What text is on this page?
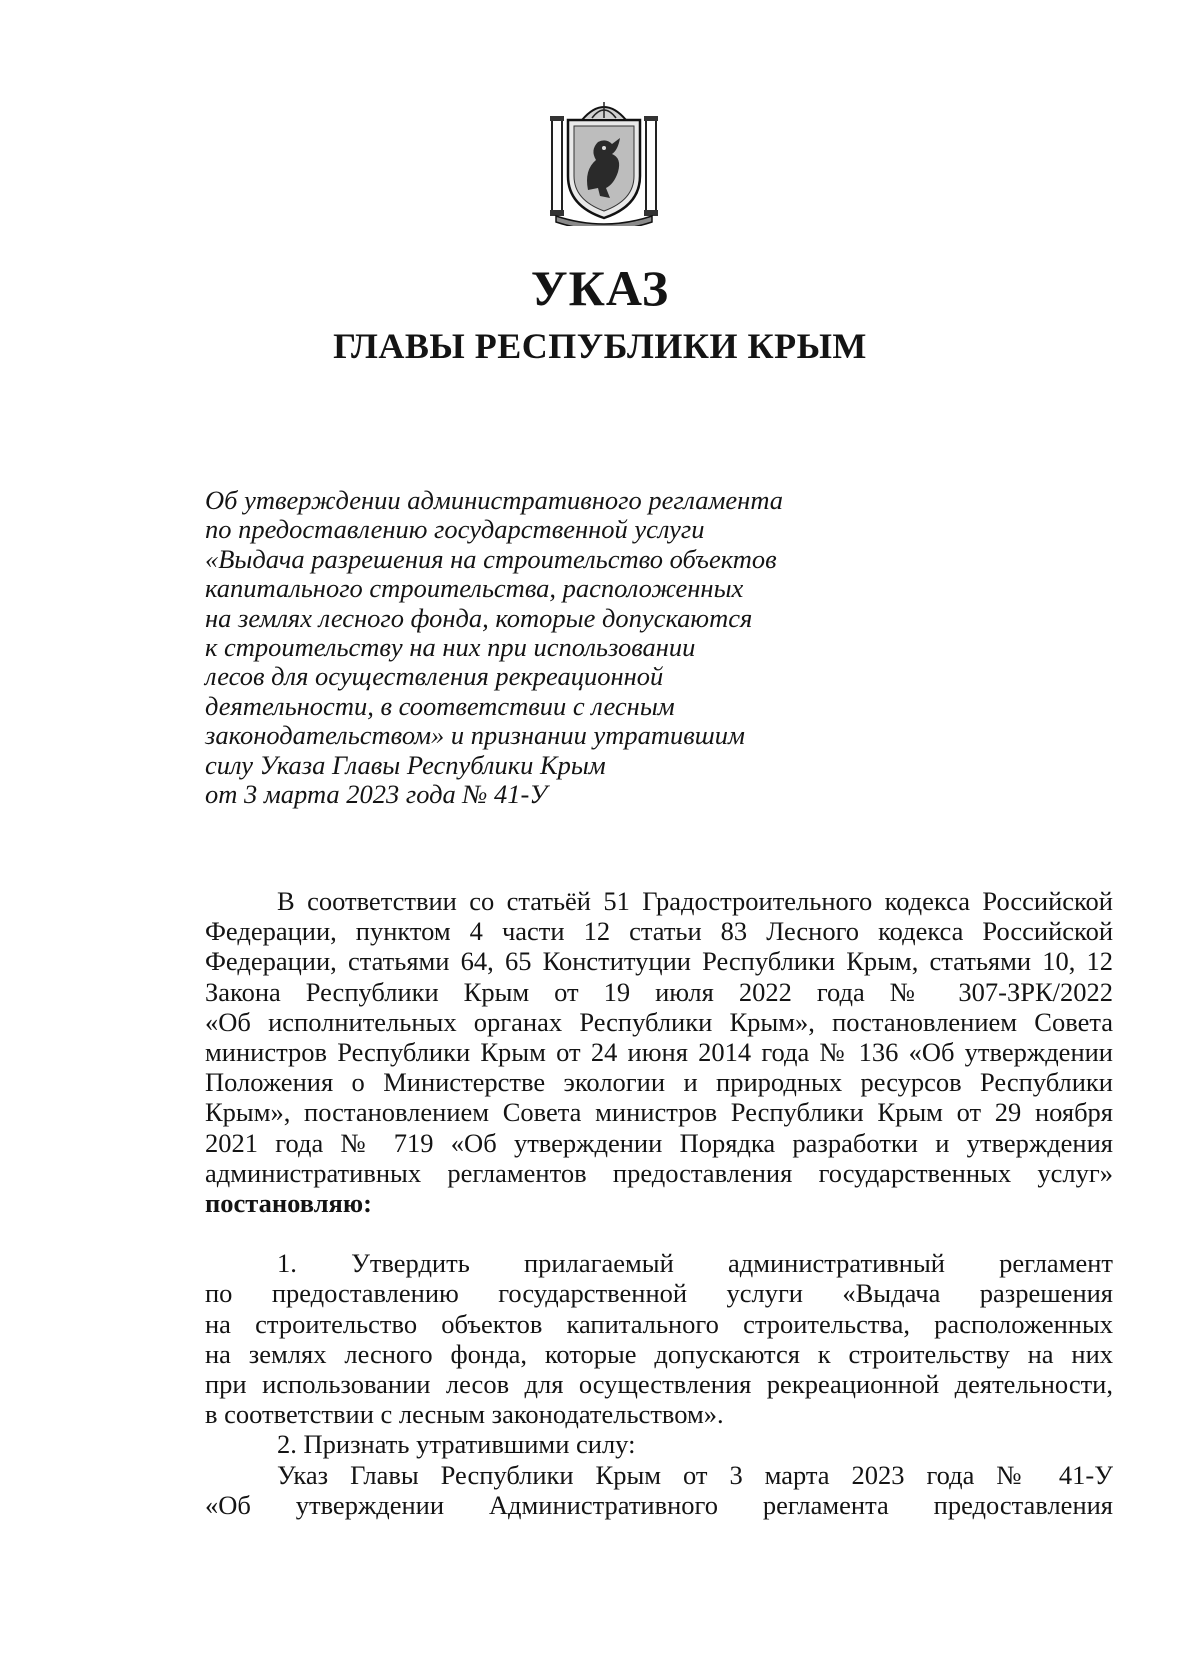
УКАЗ
ГЛАВЫ РЕСПУБЛИКИ КРЫМ
Об утверждении административного регламента
по предоставлению государственной услуги
«Выдача разрешения на строительство объектов
капитального строительства, расположенных
на землях лесного фонда, которые допускаются
к строительству на них при использовании
лесов для осуществления рекреационной
деятельности, в соответствии с лесным
законодательством» и признании утратившим
силу Указа Главы Республики Крым
от 3 марта 2023 года № 41-У
В соответствии со статьёй 51 Градостроительного кодекса Российской
Федерации, пунктом 4 части 12 статьи 83 Лесного кодекса Российской
Федерации, статьями 64, 65 Конституции Республики Крым, статьями 10, 12
Закона Республики Крым от 19 июля 2022 года № 307-ЗРК/2022
«Об исполнительных органах Республики Крым», постановлением Совета
министров Республики Крым от 24 июня 2014 года № 136 «Об утверждении
Положения о Министерстве экологии и природных ресурсов Республики
Крым», постановлением Совета министров Республики Крым от 29 ноября
2021 года № 719 «Об утверждении Порядка разработки и утверждения
административных регламентов предоставления государственных услуг»
постановляю:
1. Утвердить прилагаемый административный регламент
по предоставлению государственной услуги «Выдача разрешения
на строительство объектов капитального строительства, расположенных
на землях лесного фонда, которые допускаются к строительству на них
при использовании лесов для осуществления рекреационной деятельности,
в соответствии с лесным законодательством».
2. Признать утратившими силу:
Указ Главы Республики Крым от 3 марта 2023 года № 41-У
«Об утверждении Административного регламента предоставления
